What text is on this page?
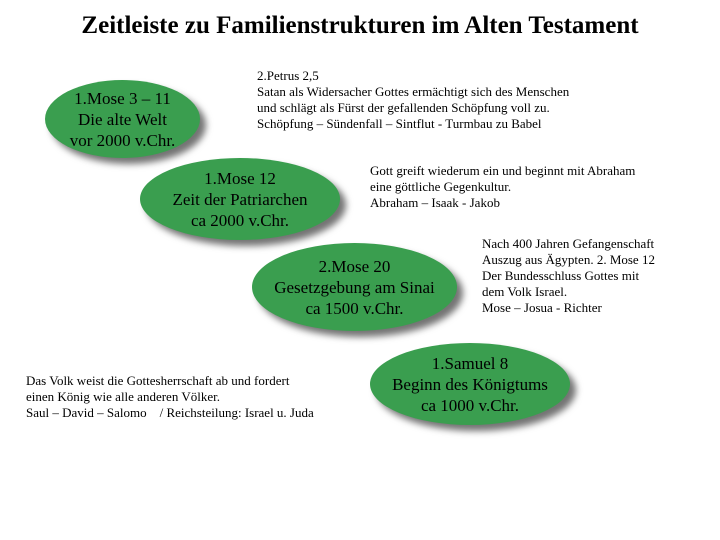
Zeitleiste zu Familienstrukturen im Alten Testament
1.Mose 3 – 11
Die alte Welt
vor 2000 v.Chr.
2.Petrus 2,5
Satan als Widersacher Gottes ermächtigt sich des Menschen
und schlägt als Fürst der gefallenden Schöpfung voll zu.
Schöpfung – Sündenfall – Sintflut - Turmbau zu Babel
1.Mose 12
Zeit der Patriarchen
ca 2000 v.Chr.
Gott greift wiederum ein und beginnt mit Abraham
eine göttliche Gegenkultur.
Abraham – Isaak - Jakob
2.Mose 20
Gesetzgebung am Sinai
ca 1500 v.Chr.
Nach 400 Jahren Gefangenschaft
Auszug aus Ägypten. 2. Mose 12
Der Bundesschluss Gottes mit
dem Volk Israel.
Mose – Josua - Richter
Das Volk weist die Gottesherrschaft ab und fordert
einen König wie alle anderen Völker.
Saul – David – Salomo    / Reichsteilung: Israel u. Juda
1.Samuel 8
Beginn des Königtums
ca 1000 v.Chr.
